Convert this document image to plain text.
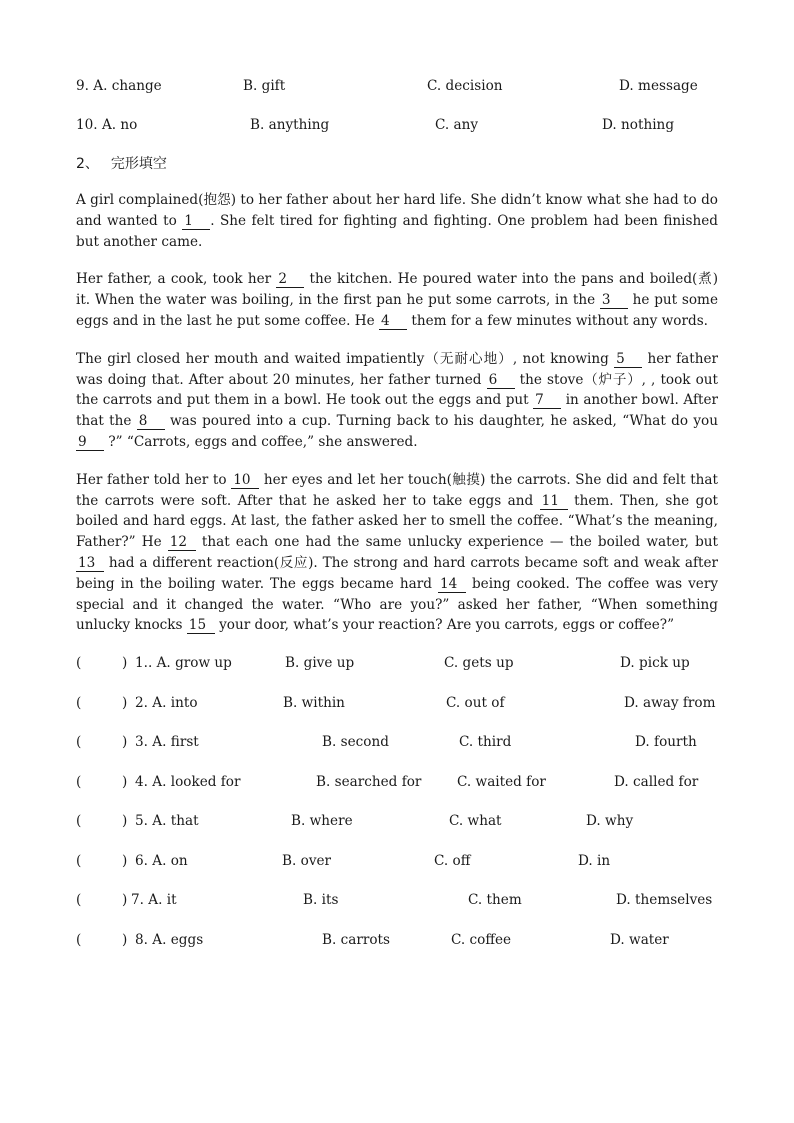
9. A. change	B. gift	C. decision	D. message
10. A. no	B. anything	C. any	D. nothing
2、 完形填空

A girl complained(抱怨) to her father about her hard life. She didn’t know what she had to do and wanted to 1 . She felt tired for fighting and fighting. One problem had been finished but another came.

Her father, a cook, took her 2 the kitchen. He poured water into the pans and boiled(煮) it. When the water was boiling, in the first pan he put some carrots, in the 3 he put some eggs and in the last he put some coffee. He 4 them for a few minutes without any words.

The girl closed her mouth and waited impatiently（无耐心地）, not knowing 5 her father was doing that. After about 20 minutes, her father turned 6 the stove（炉子）, , took out the carrots and put them in a bowl. He took out the eggs and put 7 in another bowl. After that the 8 was poured into a cup. Turning back to his daughter, he asked, “What do you 9 ?” “Carrots, eggs and coffee,” she answered.

Her father told her to 10 her eyes and let her touch(触摸) the carrots. She did and felt that the carrots were soft. After that he asked her to take eggs and 11 them. Then, she got boiled and hard eggs. At last, the father asked her to smell the coffee. “What’s the meaning, Father?” He 12 that each one had the same unlucky experience — the boiled water, but 13 had a different reaction(反应). The strong and hard carrots became soft and weak after being in the boiling water. The eggs became hard 14 being cooked. The coffee was very special and it changed the water. “Who are you?” asked her father, “When something unlucky knocks 15 your door, what’s your reaction? Are you carrots, eggs or coffee?”

(	) 1.. A. grow up	B. give up	C. gets up	D. pick up
(	) 2. A. into	B. within	C. out of	D. away from
(	) 3. A. first	B. second	C. third	D. fourth
(	) 4. A. looked for	B. searched for	C. waited for	D. called for
(	) 5. A. that	B. where	C. what	D. why
(	) 6. A. on	B. over	C. off	D. in
(	) 7. A. it	B. its	C. them	D. themselves
(	) 8. A. eggs	B. carrots	C. coffee	D. water
